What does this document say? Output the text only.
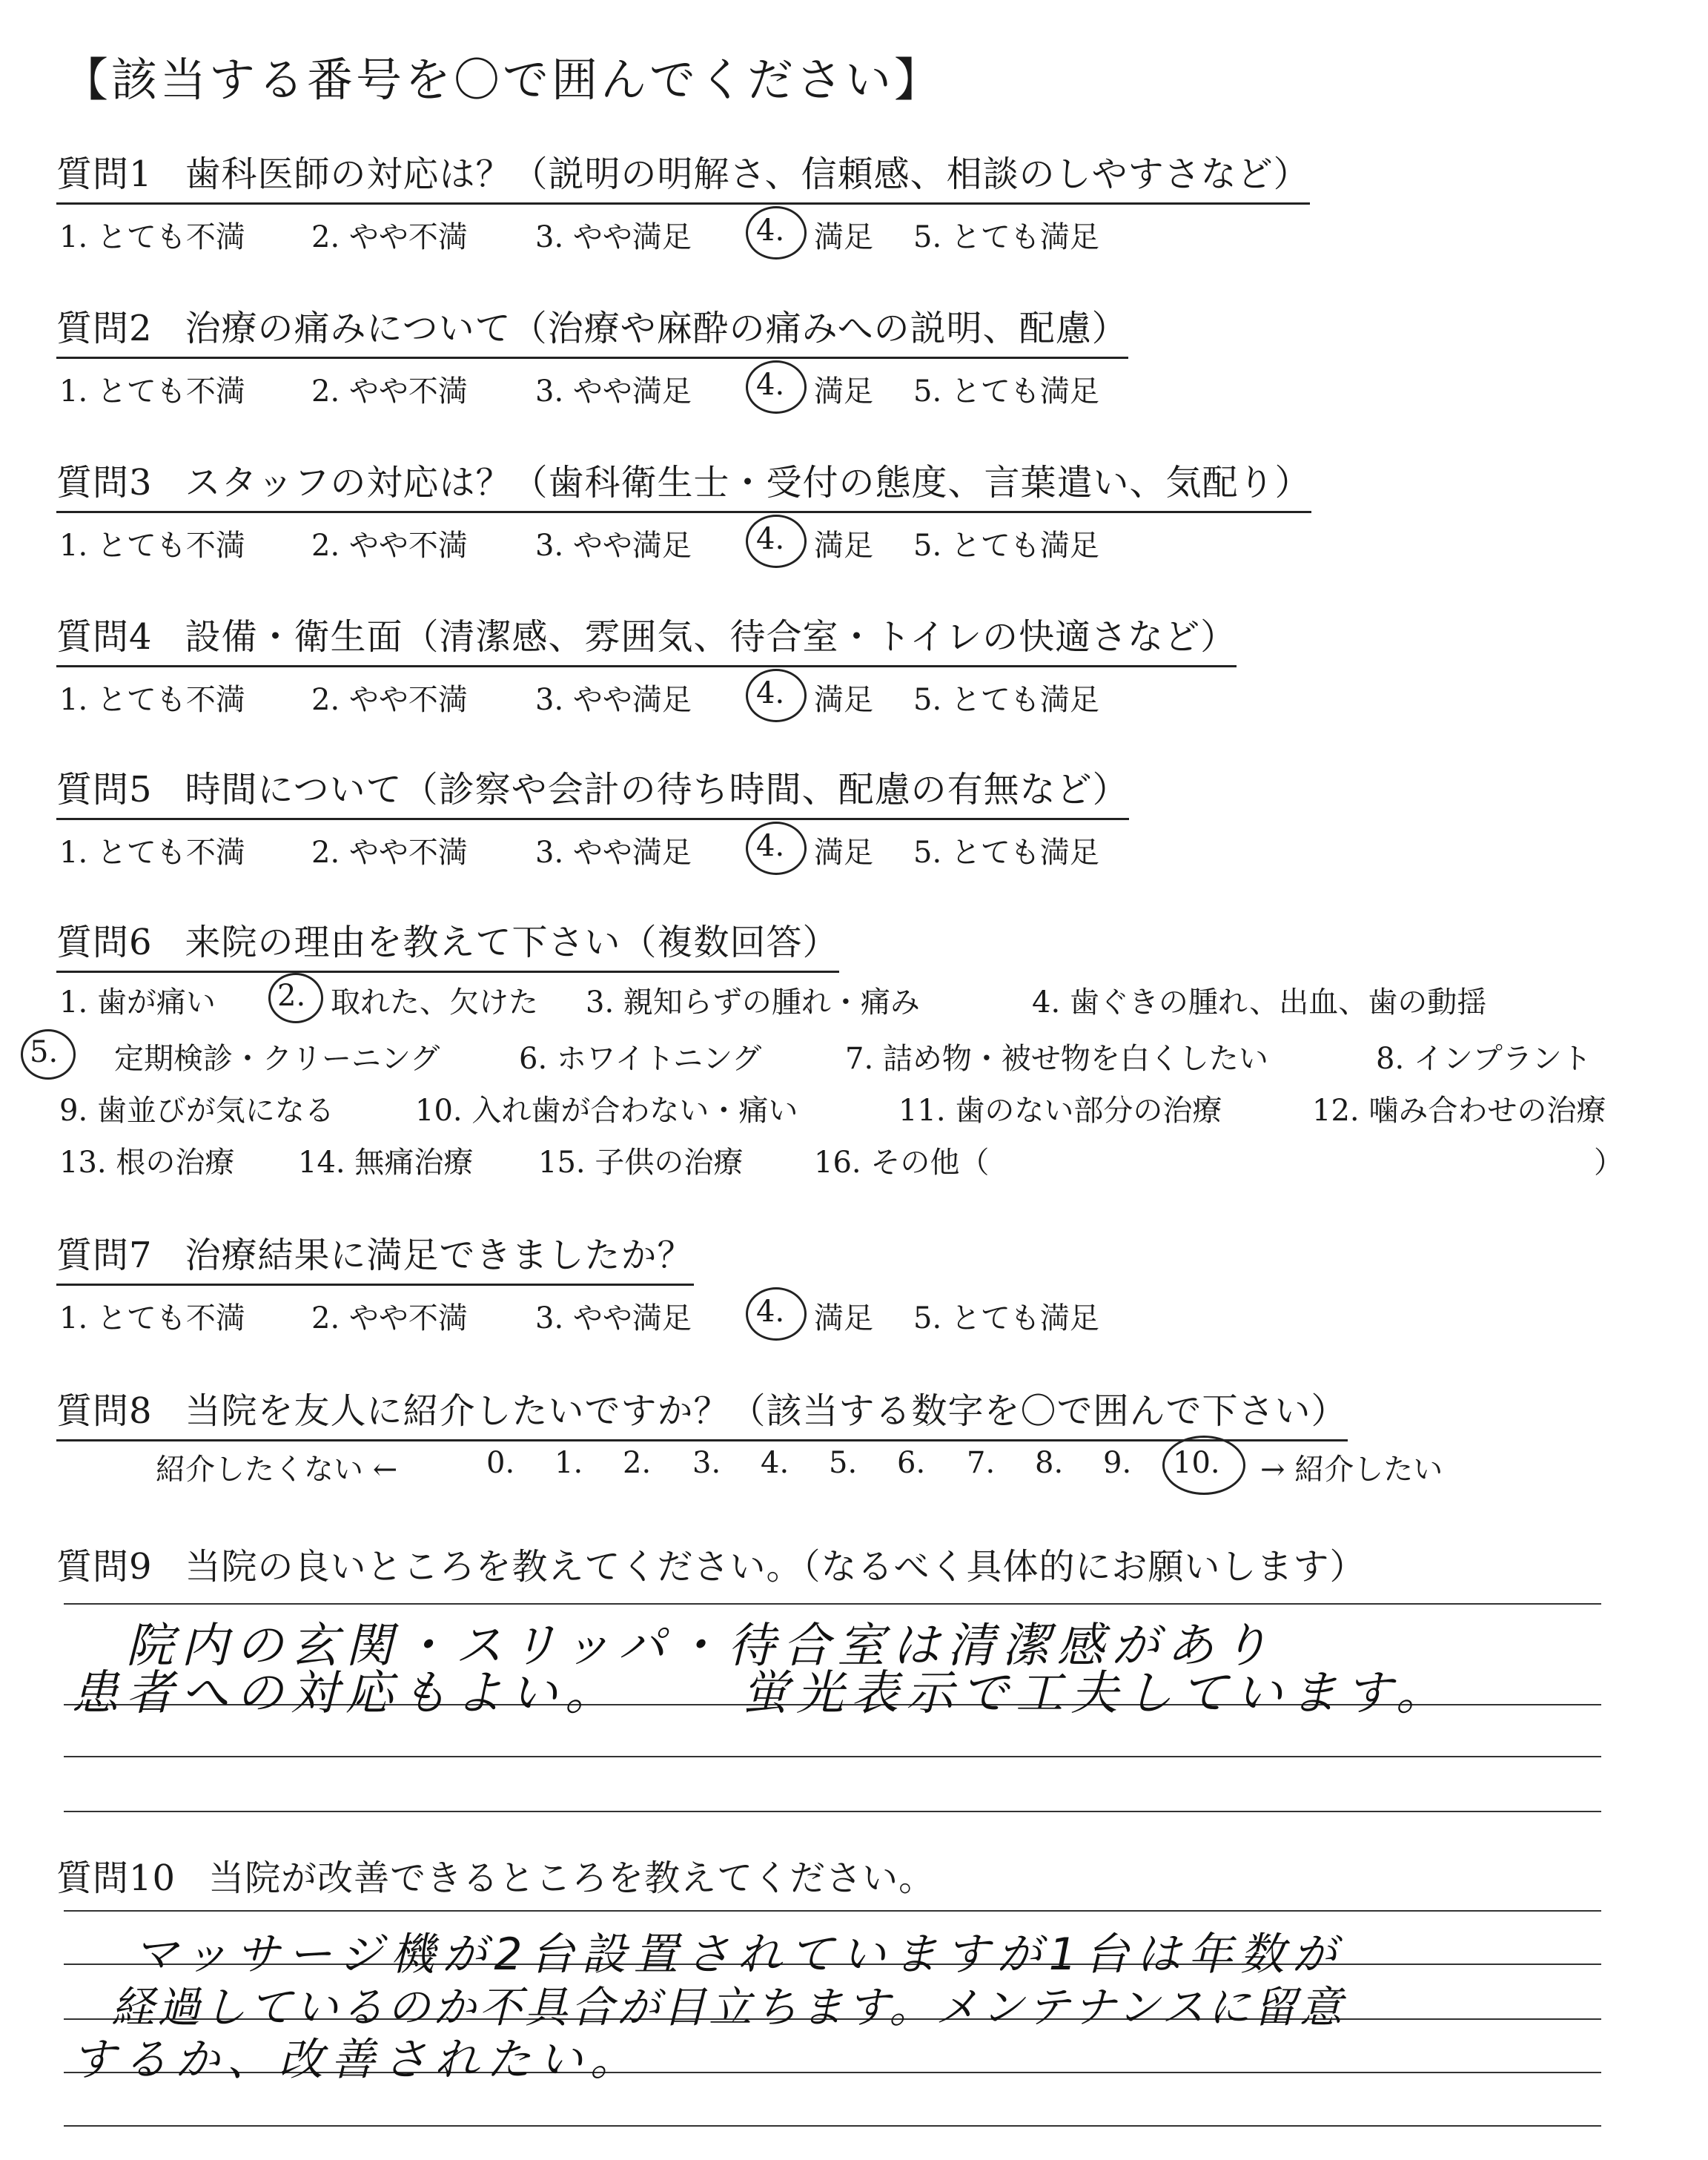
【該当する番号を〇で囲んでください】
質問1 歯科医師の対応は？（説明の明解さ、信頼感、相談のしやすさなど）
1. とても不満 2. やや不満 3. やや満足 4. 満足 5. とても満足
質問2 治療の痛みについて（治療や麻酔の痛みへの説明、配慮）
1. とても不満 2. やや不満 3. やや満足 4. 満足 5. とても満足
質問3 スタッフの対応は？（歯科衛生士・受付の態度、言葉遣い、気配り）
1. とても不満 2. やや不満 3. やや満足 4. 満足 5. とても満足
質問4 設備・衛生面（清潔感、雰囲気、待合室・トイレの快適さなど）
1. とても不満 2. やや不満 3. やや満足 4. 満足 5. とても満足
質問5 時間について（診察や会計の待ち時間、配慮の有無など）
1. とても不満 2. やや不満 3. やや満足 4. 満足 5. とても満足
質問6 来院の理由を教えて下さい（複数回答）
1. 歯が痛い 2. 取れた、欠けた 3. 親知らずの腫れ・痛み	4. 歯ぐきの腫れ、出血、歯の動揺
5. 定期検診・クリーニング	6. ホワイトニング	7. 詰め物・被せ物を白くしたい	8. インプラント
9. 歯並びが気になる	10. 入れ歯が合わない・痛い	11. 歯のない部分の治療	12. 噛み合わせの治療
13. 根の治療 14. 無痛治療 15. 子供の治療 16. その他（	）
質問7 治療結果に満足できましたか？
1. とても不満 2. やや不満 3. やや満足 4. 満足 5. とても満足
質問8 当院を友人に紹介したいですか？（該当する数字を〇で囲んで下さい）
紹介したくない ←	0. 1. 2. 3. 4. 5. 6. 7. 8. 9. 10. → 紹介したい
質問9 当院の良いところを教えてください。（なるべく具体的にお願いします）
院内の玄関・スリッパ・待合室は清潔感があり
患者への対応もよい。	蛍光表示で工夫しています。
質問10 当院が改善できるところを教えてください。
マッサージ機が2台設置されていますが1台は年数が
経過しているのか不具合が目立ちます。メンテナンスに留意
するか、改善されたい。
